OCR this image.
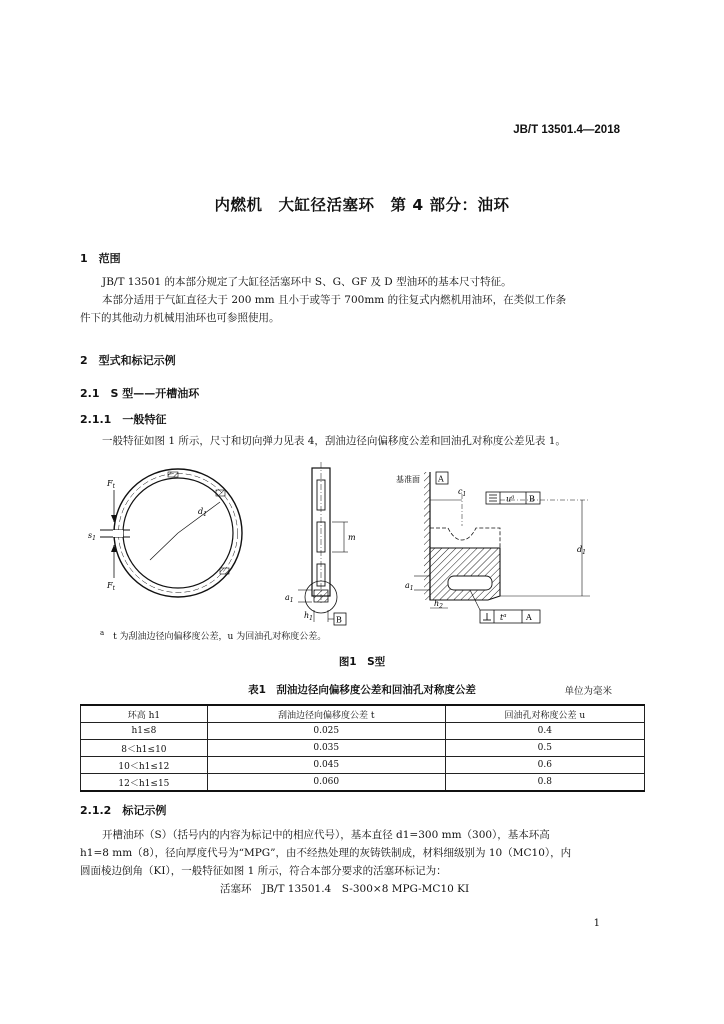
JB/T 13501.4—2018
内燃机　大缸径活塞环　第 4 部分：油环
1　范围
JB/T 13501 的本部分规定了大缸径活塞环中 S、G、GF 及 D 型油环的基本尺寸特征。
本部分适用于气缸直径大于 200 mm 且小于或等于 700mm 的往复式内燃机用油环，在类似工作条
件下的其他动力机械用油环也可参照使用。
2　型式和标记示例
2.1　S 型——开槽油环
2.1.1　一般特征
一般特征如图 1 所示，尺寸和切向弹力见表 4，刮油边径向偏移度公差和回油孔对称度公差见表 1。
$F_t$
$F_t$
$s_1$
$d_1$
m
$a_1$
$h_1$	B
基准面 A
$c_1$	$u^a$ B
$d_1$
$a_1$
$h_2$
$t^a$ A
$^a$ t 为刮油边径向偏移度公差，u 为回油孔对称度公差。
图1　S型
表1　刮油边径向偏移度公差和回油孔对称度公差	单位为毫米
环高 h1	刮油边径向偏移度公差 t	回油孔对称度公差 u
h1≤8	0.025	0.4
8＜h1≤10	0.035	0.5
10＜h1≤12	0.045	0.6
12＜h1≤15	0.060	0.8
2.1.2　标记示例
开槽油环（S）（括号内的内容为标记中的相应代号），基本直径 d1=300 mm（300），基本环高
h1=8 mm（8），径向厚度代号为“MPG”，由不经热处理的灰铸铁制成，材料细级别为 10（MC10），内
圆面棱边倒角（KI），一般特征如图 1 所示，符合本部分要求的活塞环标记为：
活塞环　JB/T 13501.4　S-300×8 MPG-MC10 KI
1
